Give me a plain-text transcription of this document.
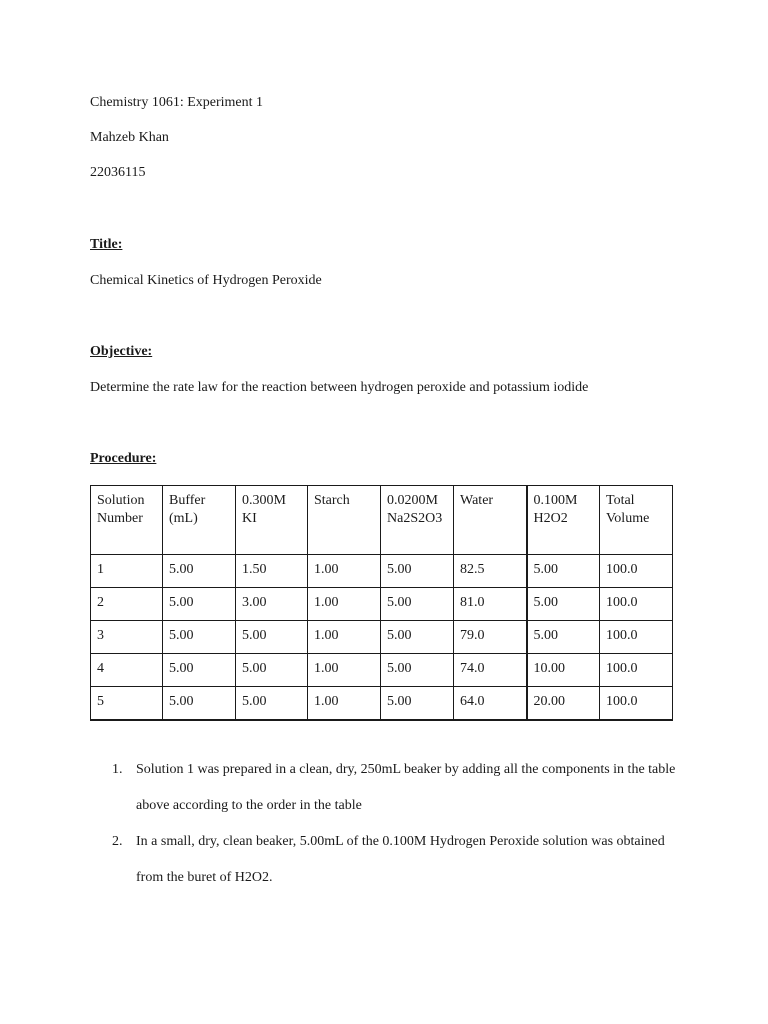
Chemistry 1061: Experiment 1

Mahzeb Khan

22036115

Title:

Chemical Kinetics of Hydrogen Peroxide

Objective:

Determine the rate law for the reaction between hydrogen peroxide and potassium iodide

Procedure:

Solution Number	Buffer (mL)	0.300M KI	Starch	0.0200M Na2S2O3	Water	0.100M H2O2	Total Volume
1	5.00	1.50	1.00	5.00	82.5	5.00	100.0
2	5.00	3.00	1.00	5.00	81.0	5.00	100.0
3	5.00	5.00	1.00	5.00	79.0	5.00	100.0
4	5.00	5.00	1.00	5.00	74.0	10.00	100.0
5	5.00	5.00	1.00	5.00	64.0	20.00	100.0
1. Solution 1 was prepared in a clean, dry, 250mL beaker by adding all the components in the table above according to the order in the table
2. In a small, dry, clean beaker, 5.00mL of the 0.100M Hydrogen Peroxide solution was obtained from the buret of H2O2.
